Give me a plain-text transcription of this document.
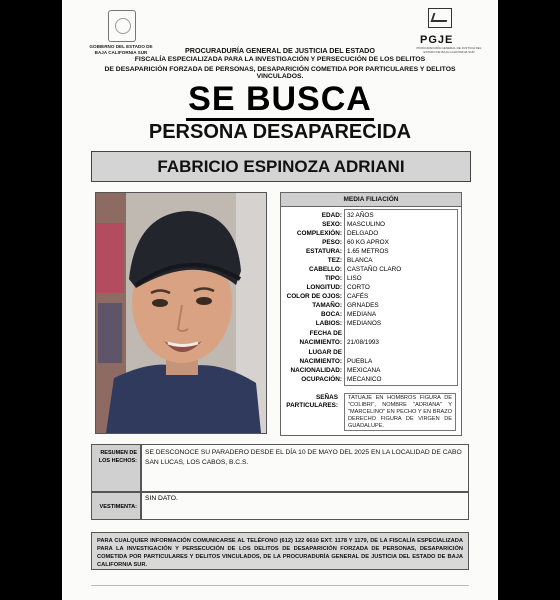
GOBIERNO DEL ESTADO DE BAJA CALIFORNIA SUR
PGJE
PROCURADURÍA GENERAL DE JUSTICIA DEL ESTADO DE BAJA CALIFORNIA SUR
PROCURADURÍA GENERAL DE JUSTICIA DEL ESTADO
FISCALÍA ESPECIALIZADA PARA LA INVESTIGACIÓN Y PERSECUCIÓN DE LOS DELITOS
DE DESAPARICIÓN FORZADA DE PERSONAS, DESAPARICIÓN COMETIDA POR PARTICULARES Y DELITOS VINCULADOS.
SE BUSCA
PERSONA DESAPARECIDA
FABRICIO ESPINOZA ADRIANI
MEDIA FILIACIÓN
EDAD: 32 AÑOS
SEXO: MASCULINO
COMPLEXIÓN: DELGADO
PESO: 60 KG APROX
ESTATURA: 1.65 METROS
TEZ: BLANCA
CABELLO: CASTAÑO CLARO
TIPO: LISO
LONGITUD: CORTO
COLOR DE OJOS: CAFÉS
TAMAÑO: GRNADES
BOCA: MEDIANA
LABIOS: MEDIANOS
FECHA DE
NACIMIENTO: 21/08/1993
LUGAR DE
NACIMIENTO: PUEBLA
NACIONALIDAD: MEXICANA
OCUPACIÓN: MECANICO
SEÑAS
PARTICULARES:
TATUAJE EN HOMBROS FIGURA DE "COLIBRI", NOMBRE "ADRIANA" Y "MARCELINO" EN PECHO Y EN BRAZO DERECHO FIGURA DE VIRGEN DE GUADALUPE.
RESUMEN DE LOS HECHOS:
SE DESCONOCE SU PARADERO DESDE EL DÍA 10 DE MAYO DEL 2025 EN LA LOCALIDAD DE CABO SAN LUCAS, LOS CABOS, B.C.S.
VESTIMENTA:
SIN DATO.
PARA CUALQUIER INFORMACIÓN COMUNICARSE AL TELÉFONO (612) 122 6610 EXT. 1178 Y 1179, DE LA FISCALÍA ESPECIALIZADA PARA LA INVESTIGACIÓN Y PERSECUCIÓN DE LOS DELITOS DE DESAPARICIÓN FORZADA DE PERSONAS, DESAPARICIÓN COMETIDA POR PARTICULARES Y DELITOS VINCULADOS, DE LA PROCURADURÍA GENERAL DE JUSTICIA DEL ESTADO DE BAJA CALIFORNIA SUR.
